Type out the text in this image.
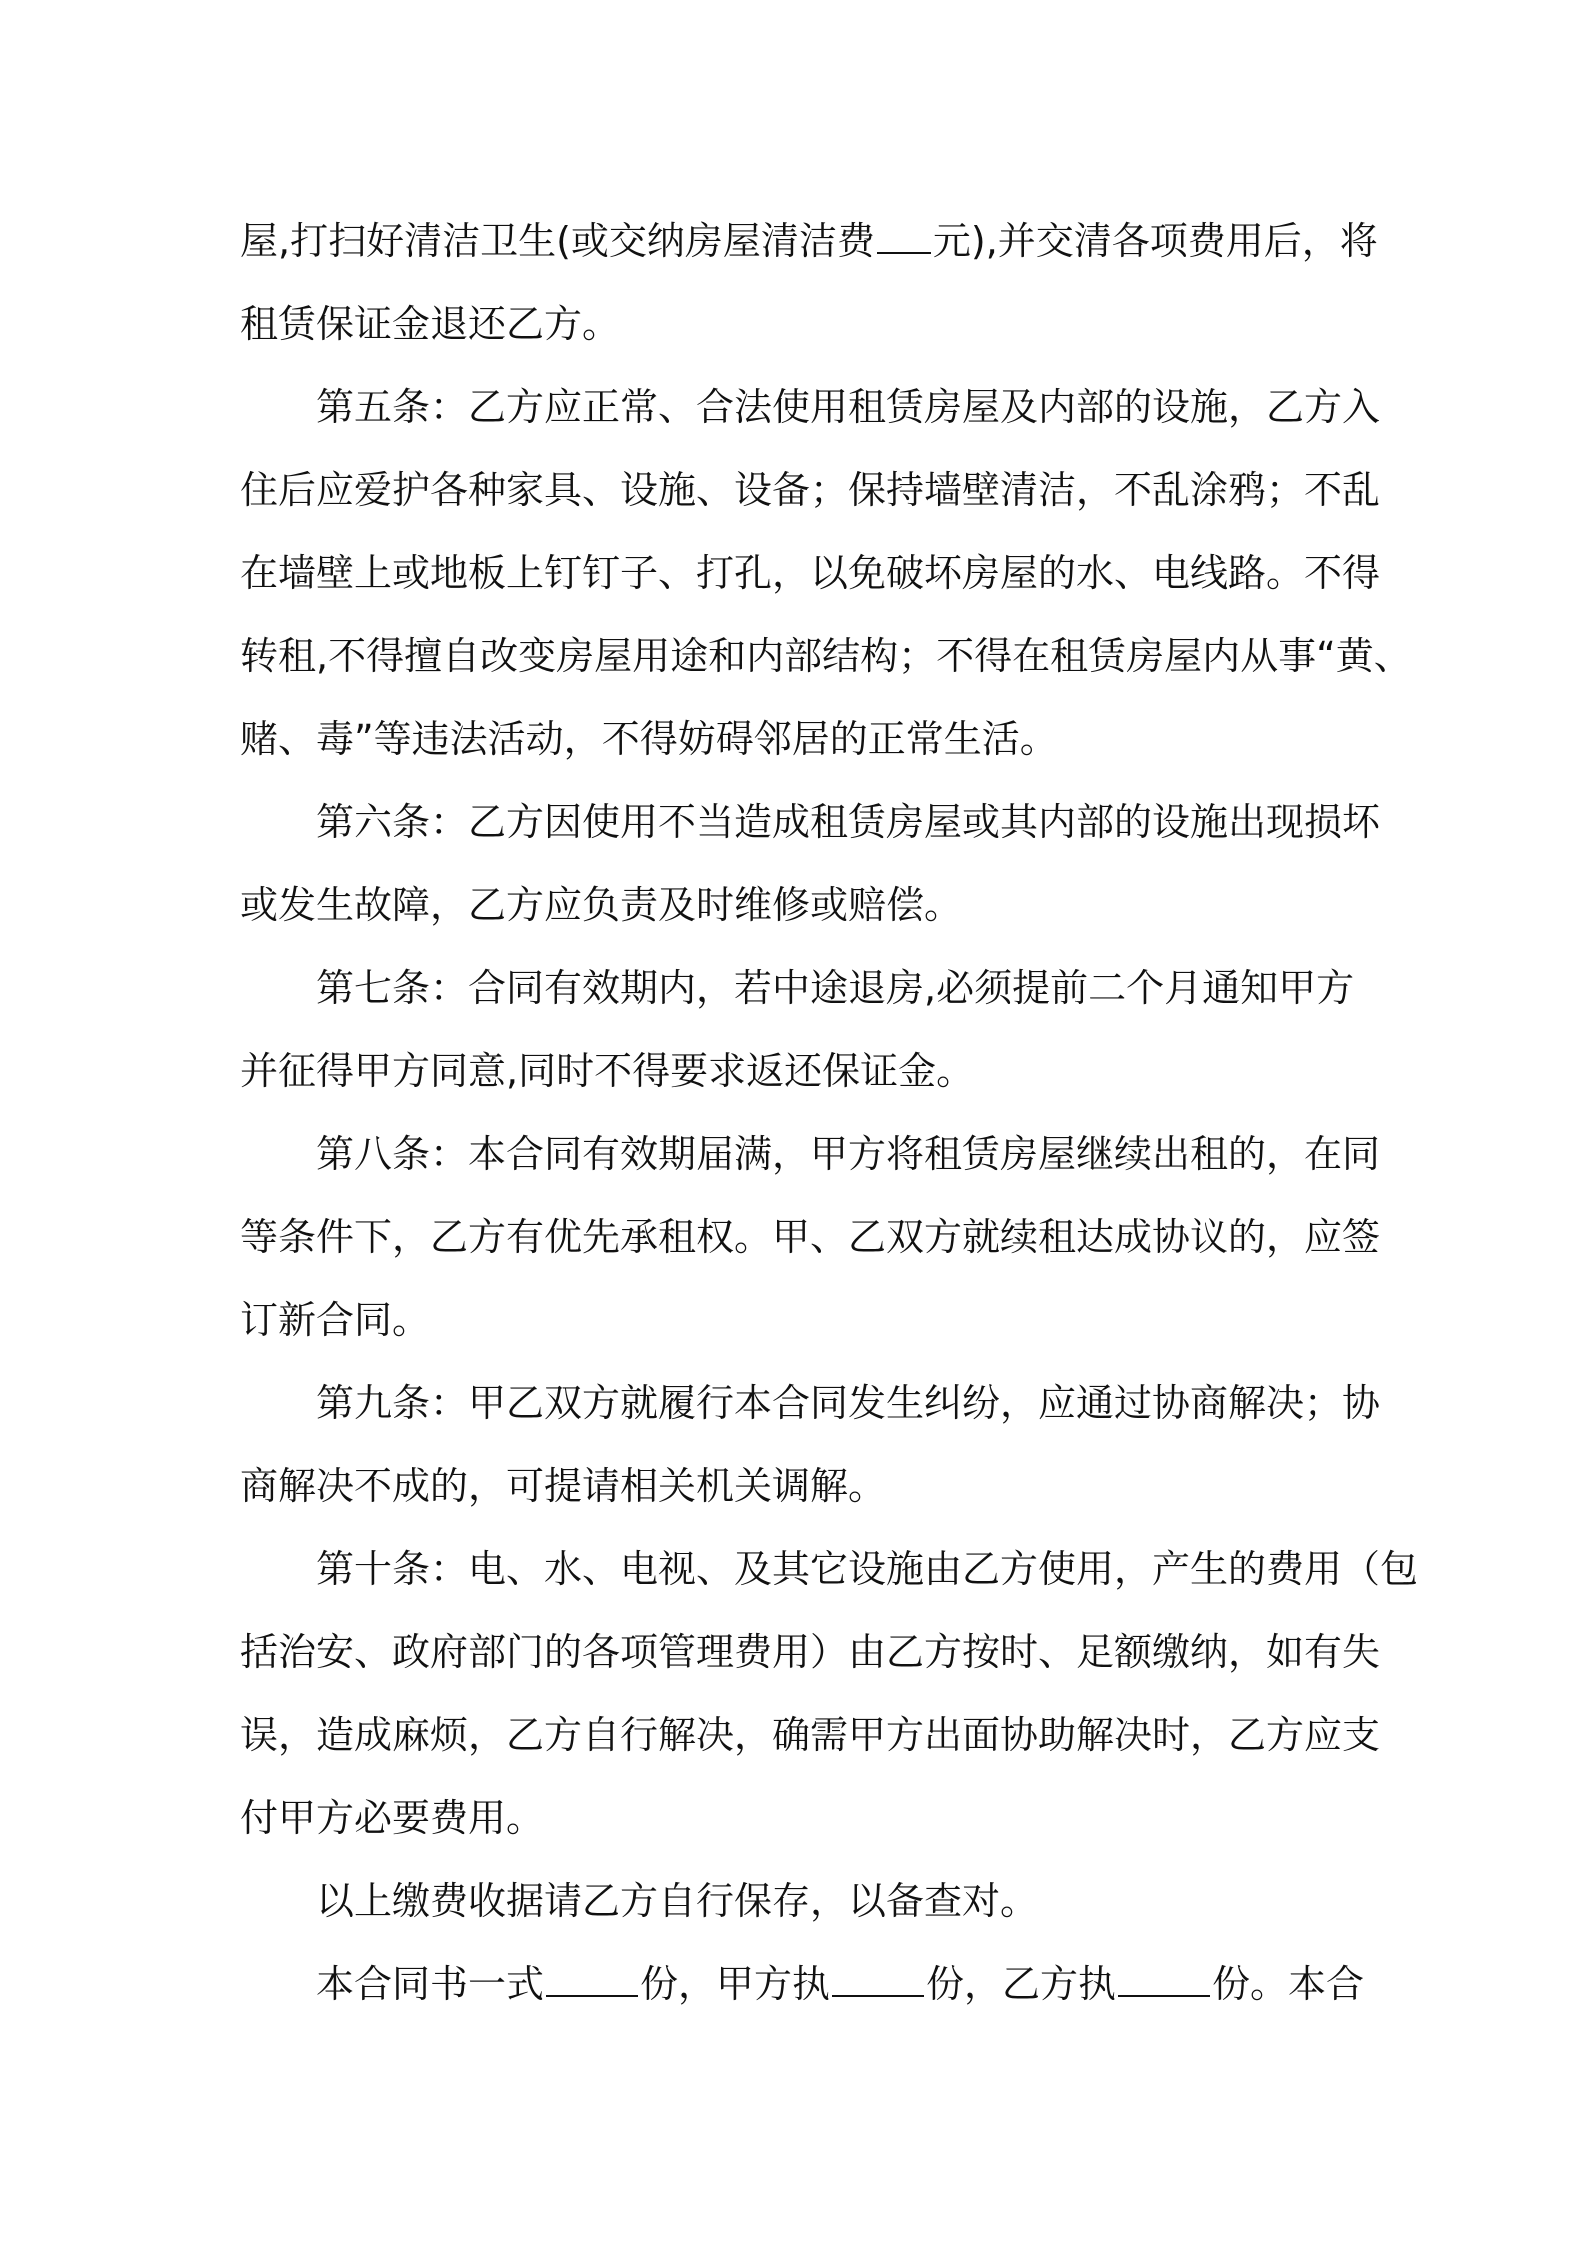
屋,打扫好清洁卫生(或交纳房屋清洁费 元),并交清各项费用后，将
租赁保证金退还乙方。
第五条：乙方应正常、合法使用租赁房屋及内部的设施，乙方入
住后应爱护各种家具、设施、设备；保持墙壁清洁，不乱涂鸦；不乱
在墙壁上或地板上钉钉子、打孔，以免破坏房屋的水、电线路。不得
转租,不得擅自改变房屋用途和内部结构；不得在租赁房屋内从事“黄、
赌、毒”等违法活动，不得妨碍邻居的正常生活。
第六条：乙方因使用不当造成租赁房屋或其内部的设施出现损坏
或发生故障，乙方应负责及时维修或赔偿。
第七条：合同有效期内，若中途退房,必须提前二个月通知甲方
并征得甲方同意,同时不得要求返还保证金。
第八条：本合同有效期届满，甲方将租赁房屋继续出租的，在同
等条件下，乙方有优先承租权。甲、乙双方就续租达成协议的，应签
订新合同。
第九条：甲乙双方就履行本合同发生纠纷，应通过协商解决；协
商解决不成的，可提请相关机关调解。
第十条：电、水、电视、及其它设施由乙方使用，产生的费用（包
括治安、政府部门的各项管理费用）由乙方按时、足额缴纳，如有失
误，造成麻烦，乙方自行解决，确需甲方出面协助解决时，乙方应支
付甲方必要费用。
以上缴费收据请乙方自行保存，以备查对。
本合同书一式	份，甲方执	份，乙方执	份。本合
